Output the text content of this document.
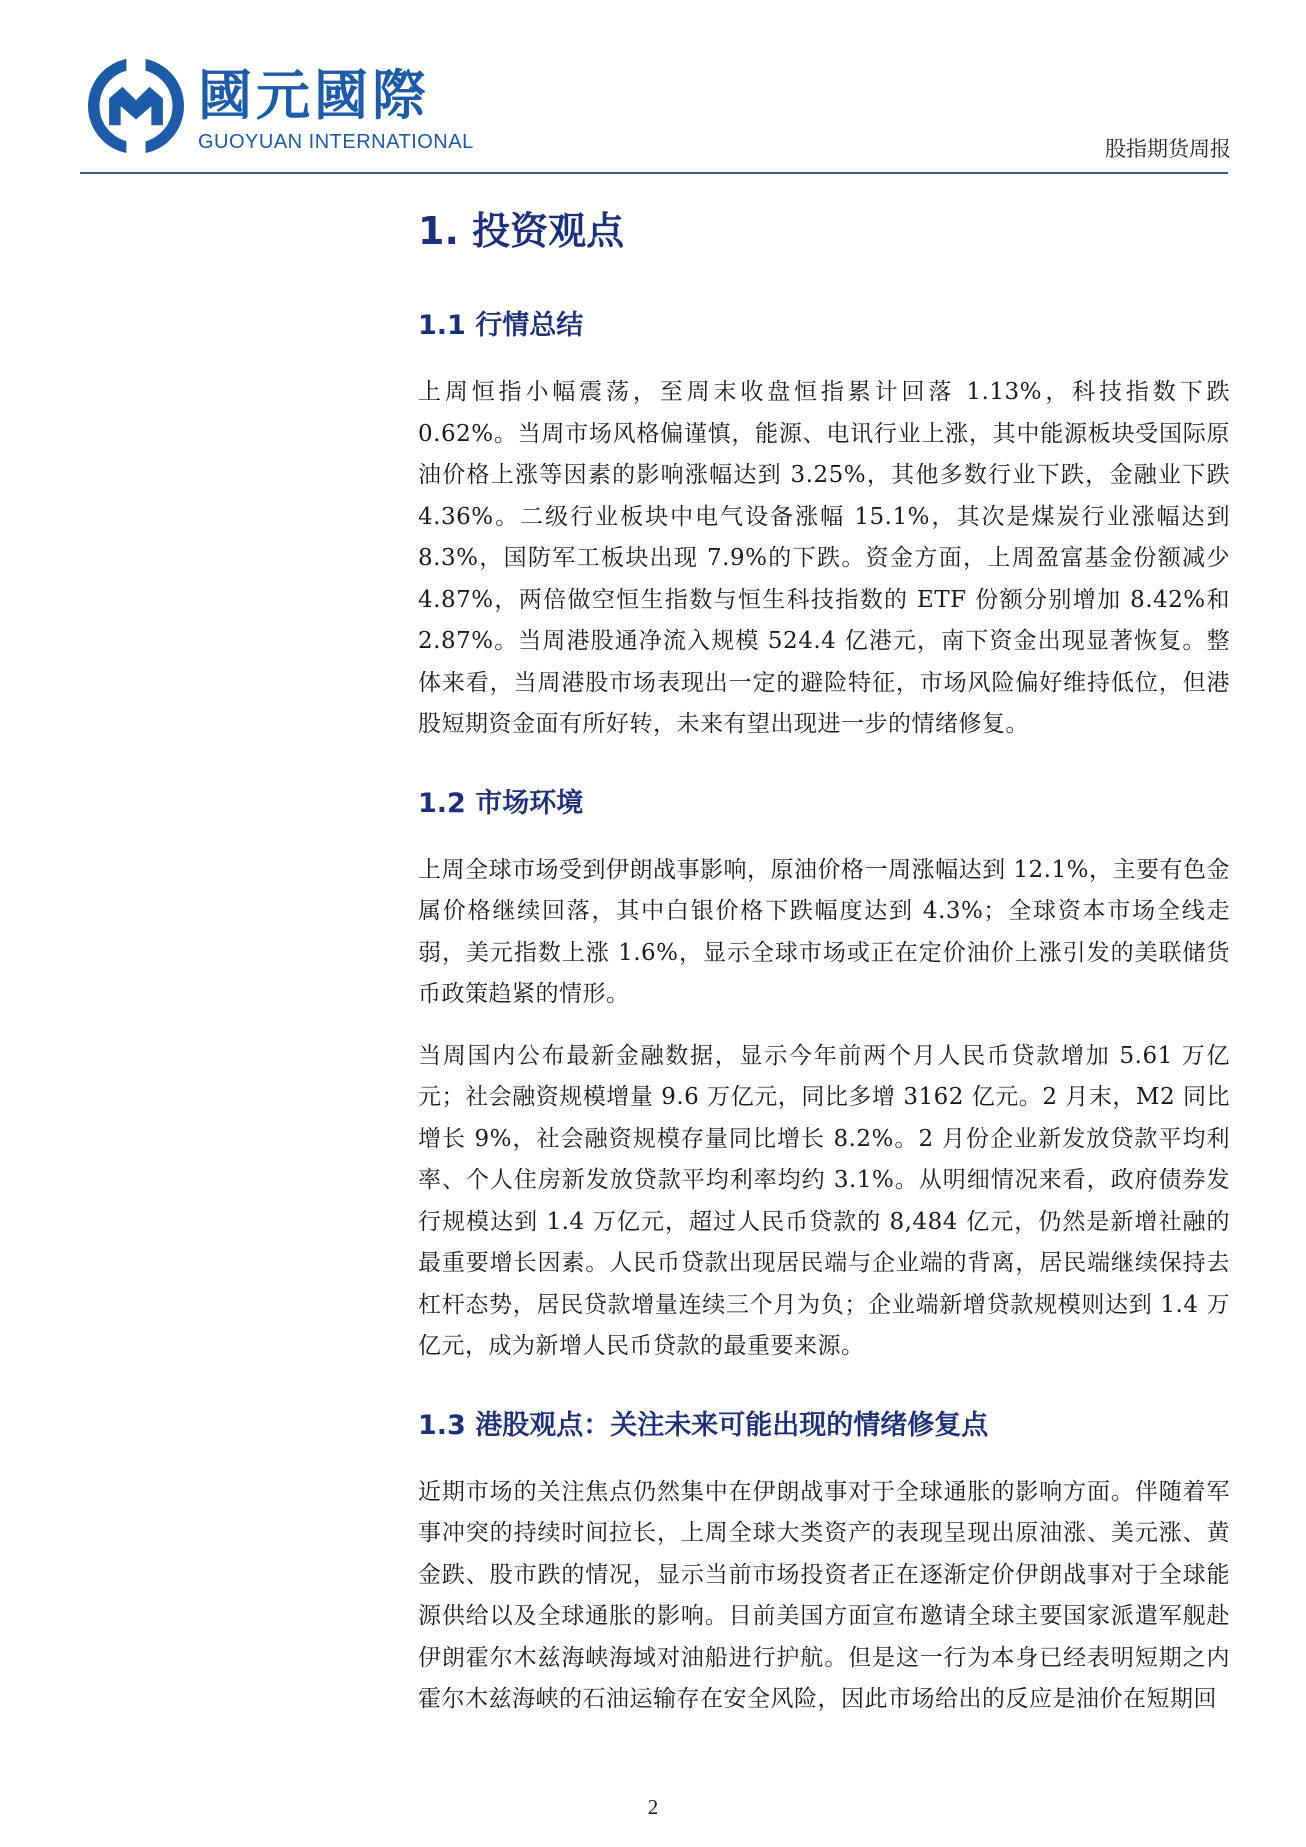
國元國際
GUOYUAN INTERNATIONAL	股指期货周报
1. 投资观点
1.1 行情总结

上周恒指小幅震荡，至周末收盘恒指累计回落 1.13%，科技指数下跌 0.62%。当周市场风格偏谨慎，能源、电讯行业上涨，其中能源板块受国际原油价格上涨等因素的影响涨幅达到 3.25%，其他多数行业下跌，金融业下跌 4.36%。二级行业板块中电气设备涨幅 15.1%，其次是煤炭行业涨幅达到 8.3%，国防军工板块出现 7.9%的下跌。资金方面，上周盈富基金份额减少 4.87%，两倍做空恒生指数与恒生科技指数的 ETF 份额分别增加 8.42%和 2.87%。当周港股通净流入规模 524.4 亿港元，南下资金出现显著恢复。整体来看，当周港股市场表现出一定的避险特征，市场风险偏好维持低位，但港股短期资金面有所好转，未来有望出现进一步的情绪修复。

1.2 市场环境

上周全球市场受到伊朗战事影响，原油价格一周涨幅达到 12.1%，主要有色金属价格继续回落，其中白银价格下跌幅度达到 4.3%；全球资本市场全线走弱，美元指数上涨 1.6%，显示全球市场或正在定价油价上涨引发的美联储货币政策趋紧的情形。

当周国内公布最新金融数据，显示今年前两个月人民币贷款增加 5.61 万亿元；社会融资规模增量 9.6 万亿元，同比多增 3162 亿元。2 月末，M2 同比增长 9%，社会融资规模存量同比增长 8.2%。2 月份企业新发放贷款平均利率、个人住房新发放贷款平均利率均约 3.1%。从明细情况来看，政府债券发行规模达到 1.4 万亿元，超过人民币贷款的 8,484 亿元，仍然是新增社融的最重要增长因素。人民币贷款出现居民端与企业端的背离，居民端继续保持去杠杆态势，居民贷款增量连续三个月为负；企业端新增贷款规模则达到 1.4 万亿元，成为新增人民币贷款的最重要来源。

1.3 港股观点：关注未来可能出现的情绪修复点

近期市场的关注焦点仍然集中在伊朗战事对于全球通胀的影响方面。伴随着军事冲突的持续时间拉长，上周全球大类资产的表现呈现出原油涨、美元涨、黄金跌、股市跌的情况，显示当前市场投资者正在逐渐定价伊朗战事对于全球能源供给以及全球通胀的影响。目前美国方面宣布邀请全球主要国家派遣军舰赴伊朗霍尔木兹海峡海域对油船进行护航。但是这一行为本身已经表明短期之内霍尔木兹海峡的石油运输存在安全风险，因此市场给出的反应是油价在短期回

2
